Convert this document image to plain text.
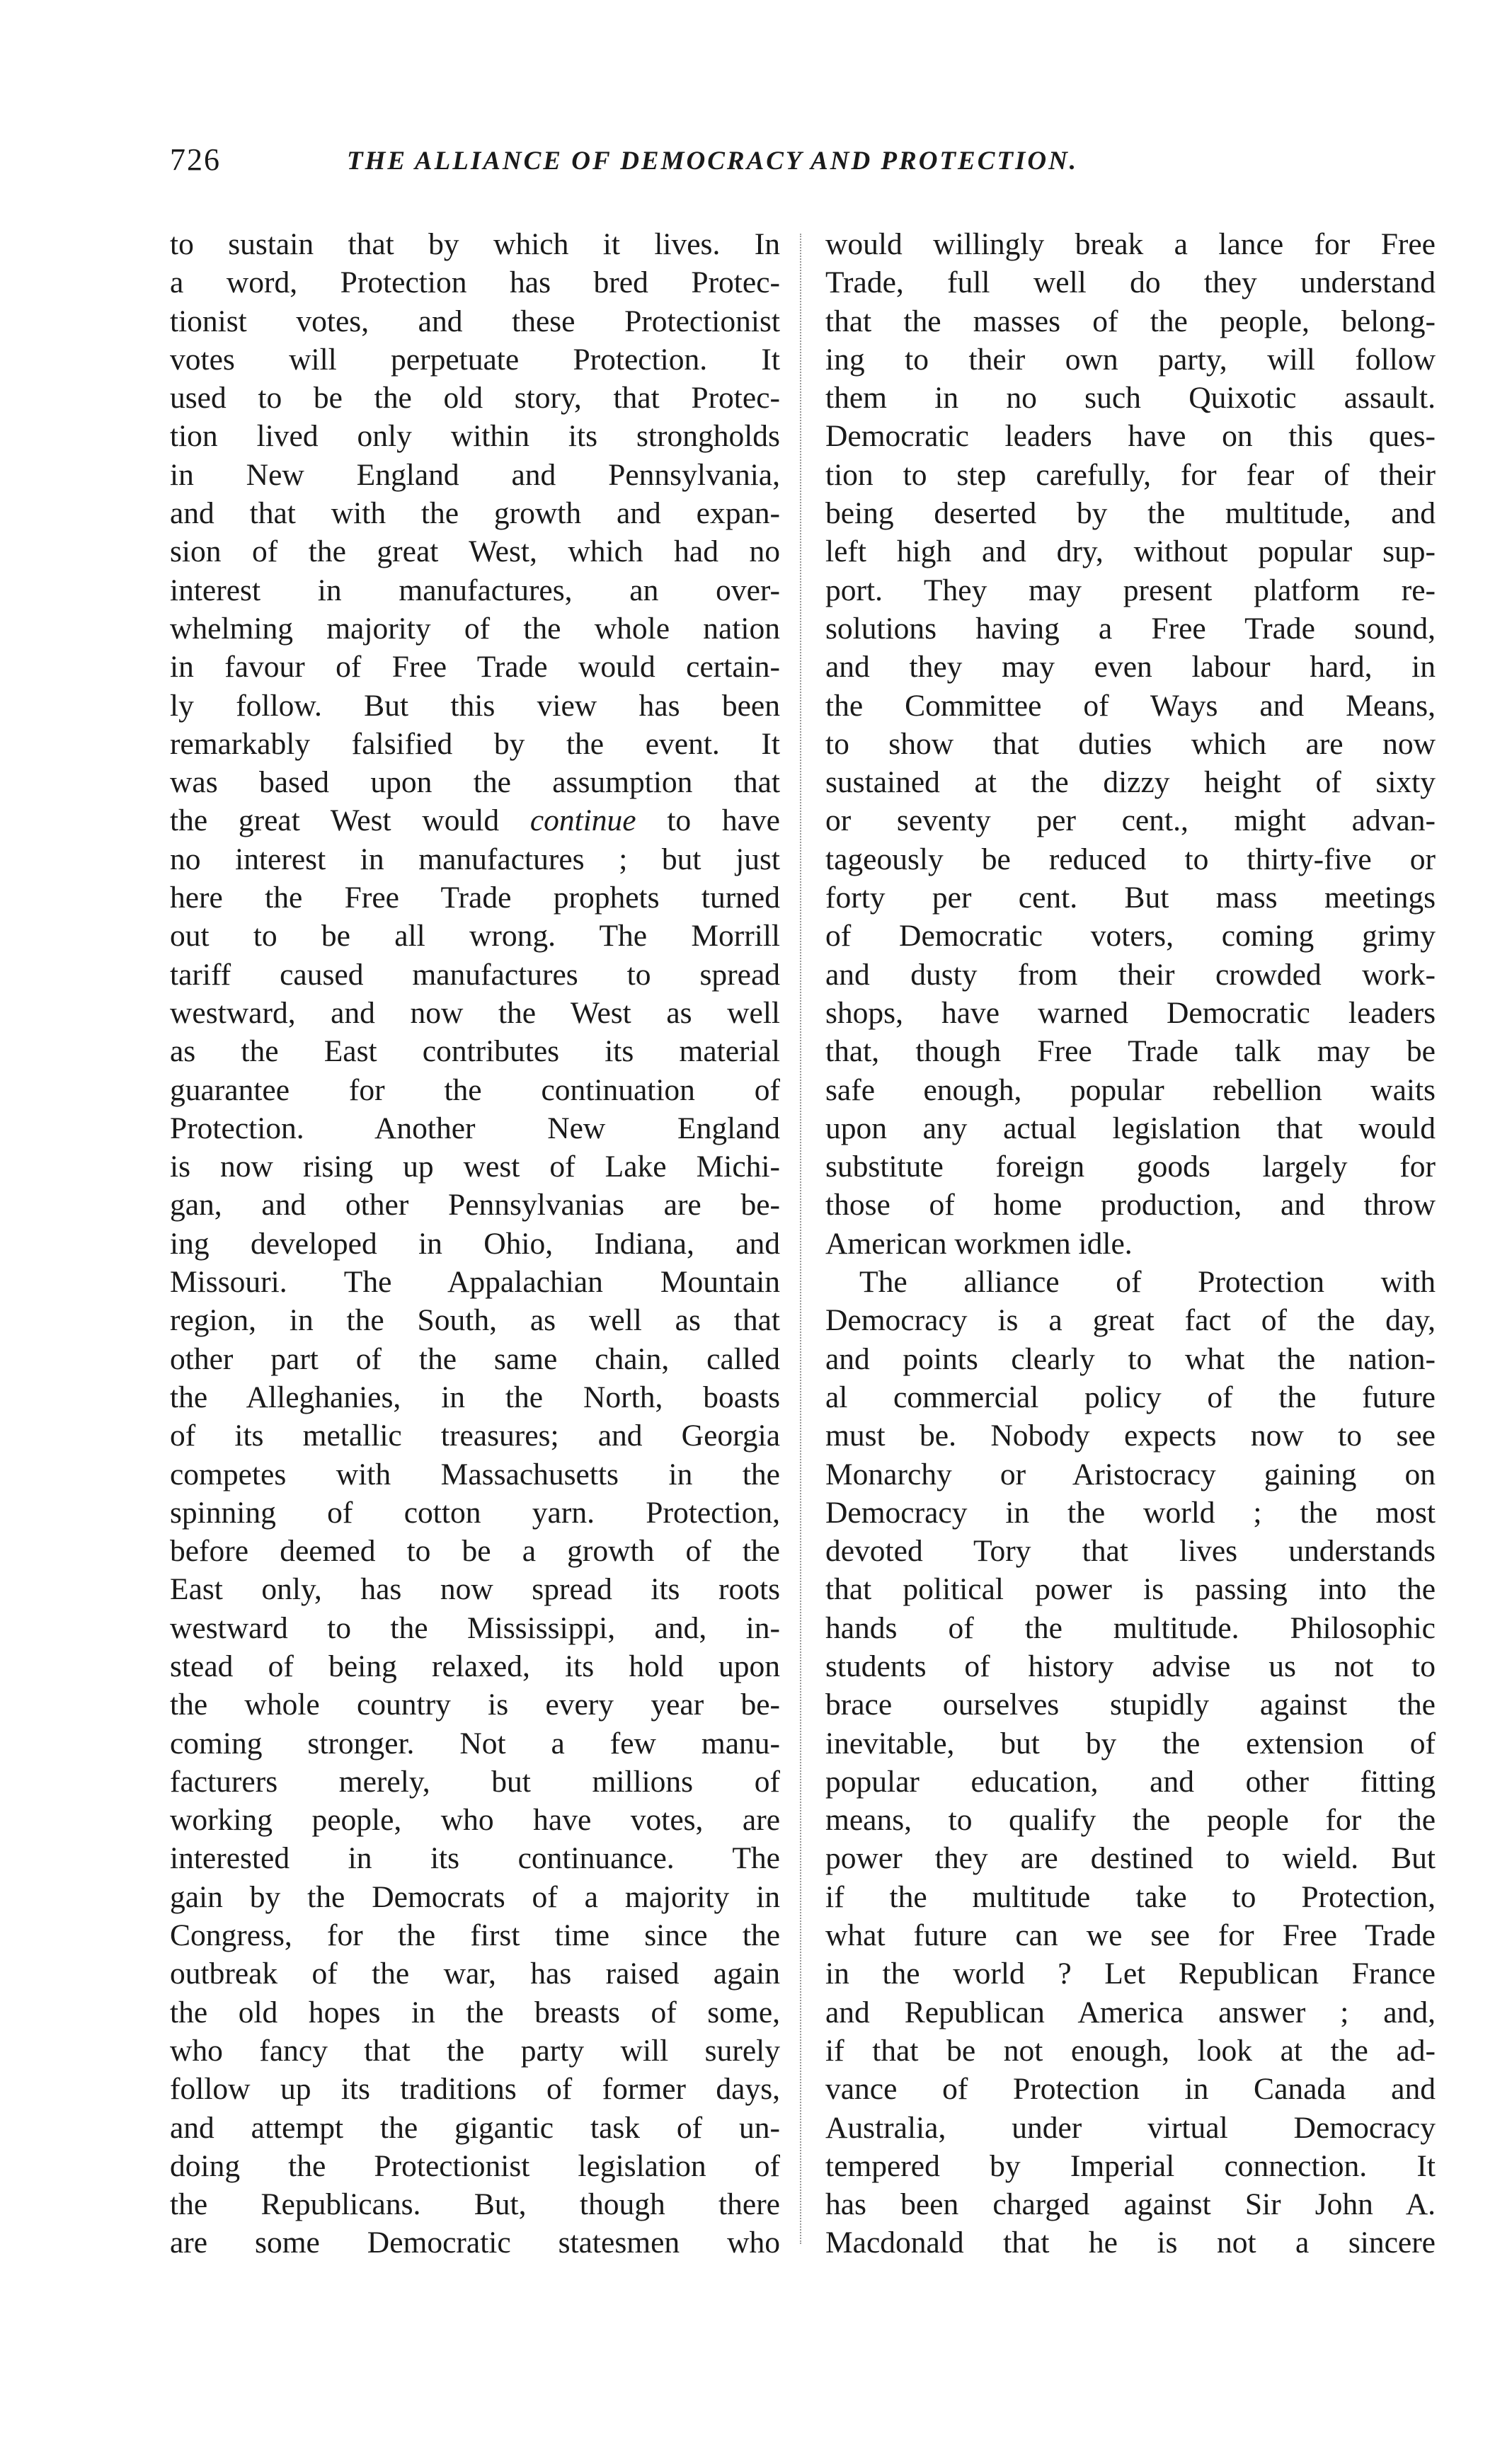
726	THE ALLIANCE OF DEMOCRACY AND PROTECTION.
to sustain that by which it lives. In
a word, Protection has bred Protec-
tionist votes, and these Protectionist
votes will perpetuate Protection. It
used to be the old story, that Protec-
tion lived only within its strongholds
in New England and Pennsylvania,
and that with the growth and expan-
sion of the great West, which had no
interest in manufactures, an over-
whelming majority of the whole nation
in favour of Free Trade would certain-
ly follow. But this view has been
remarkably falsified by the event. It
was based upon the assumption that
the great West would continue to have
no interest in manufactures ; but just
here the Free Trade prophets turned
out to be all wrong. The Morrill
tariff caused manufactures to spread
westward, and now the West as well
as the East contributes its material
guarantee for the continuation of
Protection. Another New England
is now rising up west of Lake Michi-
gan, and other Pennsylvanias are be-
ing developed in Ohio, Indiana, and
Missouri. The Appalachian Mountain
region, in the South, as well as that
other part of the same chain, called
the Alleghanies, in the North, boasts
of its metallic treasures; and Georgia
competes with Massachusetts in the
spinning of cotton yarn. Protection,
before deemed to be a growth of the
East only, has now spread its roots
westward to the Mississippi, and, in-
stead of being relaxed, its hold upon
the whole country is every year be-
coming stronger. Not a few manu-
facturers merely, but millions of
working people, who have votes, are
interested in its continuance. The
gain by the Democrats of a majority in
Congress, for the first time since the
outbreak of the war, has raised again
the old hopes in the breasts of some,
who fancy that the party will surely
follow up its traditions of former days,
and attempt the gigantic task of un-
doing the Protectionist legislation of
the Republicans. But, though there
are some Democratic statesmen who
would willingly break a lance for Free
Trade, full well do they understand
that the masses of the people, belong-
ing to their own party, will follow
them in no such Quixotic assault.
Democratic leaders have on this ques-
tion to step carefully, for fear of their
being deserted by the multitude, and
left high and dry, without popular sup-
port. They may present platform re-
solutions having a Free Trade sound,
and they may even labour hard, in
the Committee of Ways and Means,
to show that duties which are now
sustained at the dizzy height of sixty
or seventy per cent., might advan-
tageously be reduced to thirty-five or
forty per cent. But mass meetings
of Democratic voters, coming grimy
and dusty from their crowded work-
shops, have warned Democratic leaders
that, though Free Trade talk may be
safe enough, popular rebellion waits
upon any actual legislation that would
substitute foreign goods largely for
those of home production, and throw
American workmen idle.
The alliance of Protection with
Democracy is a great fact of the day,
and points clearly to what the nation-
al commercial policy of the future
must be. Nobody expects now to see
Monarchy or Aristocracy gaining on
Democracy in the world ; the most
devoted Tory that lives understands
that political power is passing into the
hands of the multitude. Philosophic
students of history advise us not to
brace ourselves stupidly against the
inevitable, but by the extension of
popular education, and other fitting
means, to qualify the people for the
power they are destined to wield. But
if the multitude take to Protection,
what future can we see for Free Trade
in the world ? Let Republican France
and Republican America answer ; and,
if that be not enough, look at the ad-
vance of Protection in Canada and
Australia, under virtual Democracy
tempered by Imperial connection. It
has been charged against Sir John A.
Macdonald that he is not a sincere
